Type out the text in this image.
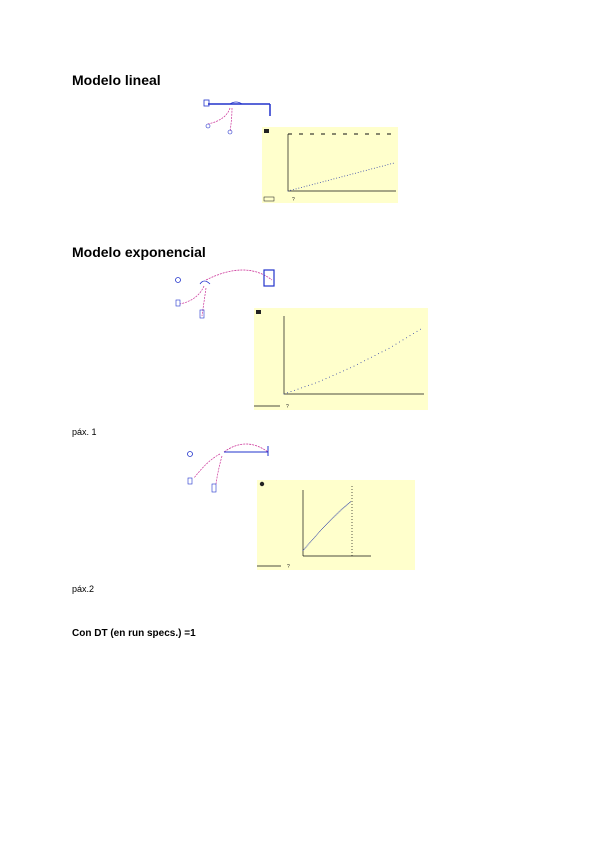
Modelo lineal
?
Modelo exponencial
?
páx. 1
?
páx.2
Con DT (en run specs.) =1
